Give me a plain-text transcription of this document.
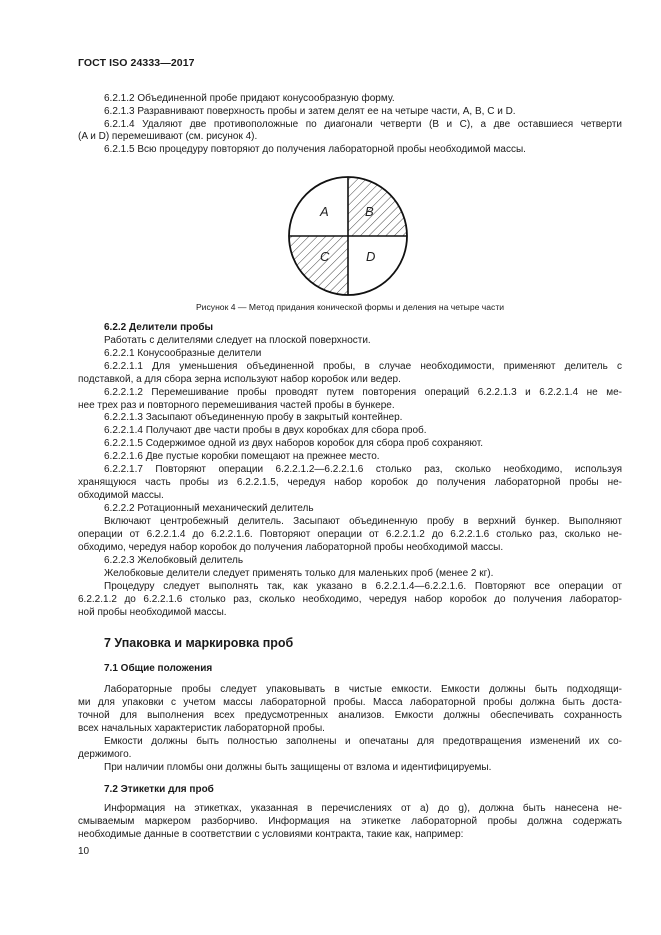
ГОСТ ISO 24333—2017
6.2.1.2 Объединенной пробе придают конусообразную форму.
6.2.1.3 Разравнивают поверхность пробы и затем делят ее на четыре части, A, B, C и D.
6.2.1.4 Удаляют две противоположные по диагонали четверти (B и C), а две оставшиеся четверти
(A и D) перемешивают (см. рисунок 4).
6.2.1.5 Всю процедуру повторяют до получения лабораторной пробы необходимой массы.
A	B
C	D
Рисунок 4 — Метод придания конической формы и деления на четыре части
6.2.2 Делители пробы
Работать с делителями следует на плоской поверхности.
6.2.2.1 Конусообразные делители
6.2.2.1.1 Для уменьшения объединенной пробы, в случае необходимости, применяют делитель с
подставкой, а для сбора зерна используют набор коробок или ведер.
6.2.2.1.2 Перемешивание пробы проводят путем повторения операций 6.2.2.1.3 и 6.2.2.1.4 не ме-
нее трех раз и повторного перемешивания частей пробы в бункере.
6.2.2.1.3 Засыпают объединенную пробу в закрытый контейнер.
6.2.2.1.4 Получают две части пробы в двух коробках для сбора проб.
6.2.2.1.5 Содержимое одной из двух наборов коробок для сбора проб сохраняют.
6.2.2.1.6 Две пустые коробки помещают на прежнее место.
6.2.2.1.7 Повторяют операции 6.2.2.1.2—6.2.2.1.6 столько раз, сколько необходимо, используя
хранящуюся часть пробы из 6.2.2.1.5, чередуя набор коробок до получения лабораторной пробы не-
обходимой массы.
6.2.2.2 Ротационный механический делитель
Включают центробежный делитель. Засыпают объединенную пробу в верхний бункер. Выполняют
операции от 6.2.2.1.4 до 6.2.2.1.6. Повторяют операции от 6.2.2.1.2 до 6.2.2.1.6 столько раз, сколько не-
обходимо, чередуя набор коробок до получения лабораторной пробы необходимой массы.
6.2.2.3 Желобковый делитель
Желобковые делители следует применять только для маленьких проб (менее 2 кг).
Процедуру следует выполнять так, как указано в 6.2.2.1.4—6.2.2.1.6. Повторяют все операции от
6.2.2.1.2 до 6.2.2.1.6 столько раз, сколько необходимо, чередуя набор коробок до получения лаборатор-
ной пробы необходимой массы.
7 Упаковка и маркировка проб
7.1 Общие положения
Лабораторные пробы следует упаковывать в чистые емкости. Емкости должны быть подходящи-
ми для упаковки с учетом массы лабораторной пробы. Масса лабораторной пробы должна быть доста-
точной для выполнения всех предусмотренных анализов. Емкости должны обеспечивать сохранность
всех начальных характеристик лабораторной пробы.
Емкости должны быть полностью заполнены и опечатаны для предотвращения изменений их со-
держимого.
При наличии пломбы они должны быть защищены от взлома и идентифицируемы.
7.2 Этикетки для проб
Информация на этикетках, указанная в перечислениях от a) до g), должна быть нанесена не-
смываемым маркером разборчиво. Информация на этикетке лабораторной пробы должна содержать
необходимые данные в соответствии с условиями контракта, такие как, например:
10
